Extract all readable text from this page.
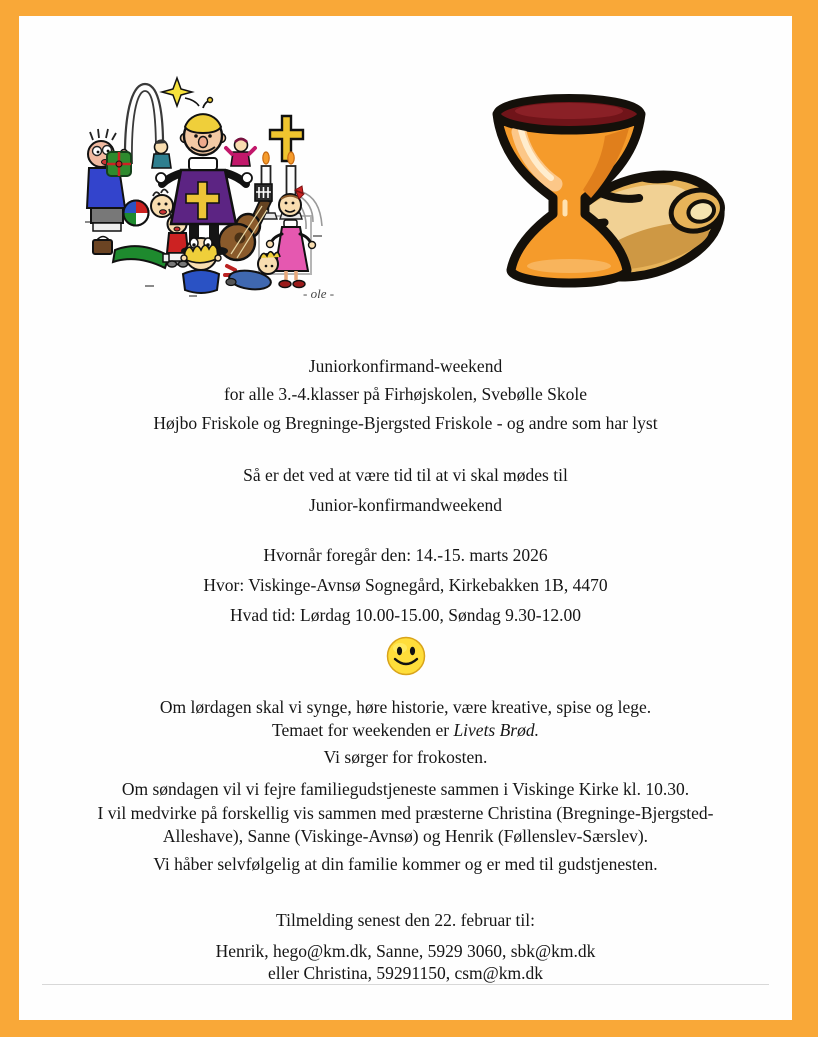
- ole -
Juniorkonfirmand-weekend
for alle 3.-4.klasser på Firhøjskolen, Svebølle Skole
Højbo Friskole og Bregninge-Bjergsted Friskole - og andre som har lyst
Så er det ved at være tid til at vi skal mødes til
Junior-konfirmandweekend
Hvornår foregår den: 14.-15. marts 2026
Hvor: Viskinge-Avnsø Sognegård, Kirkebakken 1B, 4470
Hvad tid: Lørdag 10.00-15.00, Søndag 9.30-12.00
Om lørdagen skal vi synge, høre historie, være kreative, spise og lege.
Temaet for weekenden er Livets Brød.
Vi sørger for frokosten.
Om søndagen vil vi fejre familiegudstjeneste sammen i Viskinge Kirke kl. 10.30.
I vil medvirke på forskellig vis sammen med præsterne Christina (Bregninge-Bjergsted-
Alleshave), Sanne (Viskinge-Avnsø) og Henrik (Føllenslev-Særslev).
Vi håber selvfølgelig at din familie kommer og er med til gudstjenesten.
Tilmelding senest den 22. februar til:
Henrik, hego@km.dk, Sanne, 5929 3060, sbk@km.dk
eller Christina, 59291150, csm@km.dk
